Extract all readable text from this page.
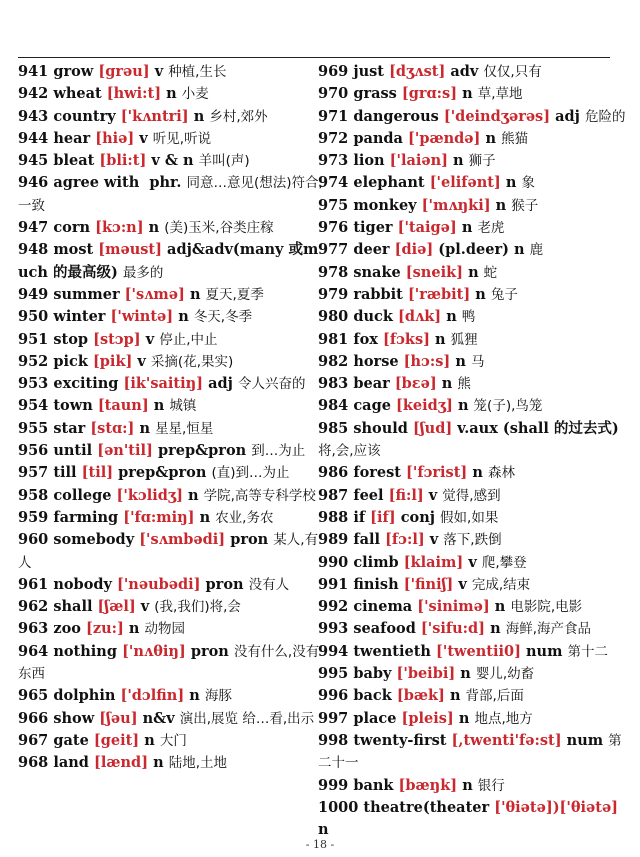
941 grow [grəu] v 种植,生长
942 wheat [hwi:t] n 小麦
943 country ['kʌntri] n 乡村,郊外
944 hear [hiə] v 听见,听说
945 bleat [bli:t] v & n 羊叫(声)
946 agree with phr. 同意…意见(想法)符合,一致
947 corn [kɔ:n] n (美)玉米,谷类庄稼
948 most [məust] adj&adv(many 或much 的最高级) 最多的
949 summer ['sʌmə] n 夏天,夏季
950 winter ['wintə] n 冬天,冬季
951 stop [stɔp] v 停止,中止
952 pick [pik] v 采摘(花,果实)
953 exciting [ik'saitiŋ] adj 令人兴奋的
954 town [taun] n 城镇
955 star [stɑ:] n 星星,恒星
956 until [ən'til] prep&pron 到…为止
957 till [til] prep&pron (直)到…为止
958 college ['kɔlidʒ] n 学院,高等专科学校
959 farming ['fɑ:miŋ] n 农业,务农
960 somebody ['sʌmbədi] pron 某人,有人
961 nobody ['nəubədi] pron 没有人
962 shall [ʃæl] v (我,我们)将,会
963 zoo [zu:] n 动物园
964 nothing ['nʌθiŋ] pron 没有什么,没有东西
965 dolphin ['dɔlfin] n 海豚
966 show [ʃəu] n&v 演出,展览 给…看,出示
967 gate [geit] n 大门
968 land [lænd] n 陆地,土地
969 just [dʒʌst] adv 仅仅,只有
970 grass [grɑ:s] n 草,草地
971 dangerous ['deindʒərəs] adj 危险的
972 panda ['pændə] n 熊猫
973 lion ['laiən] n 狮子
974 elephant ['elifənt] n 象
975 monkey ['mʌŋki] n 猴子
976 tiger ['taigə] n 老虎
977 deer [diə] (pl.deer) n 鹿
978 snake [sneik] n 蛇
979 rabbit ['ræbit] n 兔子
980 duck [dʌk] n 鸭
981 fox [fɔks] n 狐狸
982 horse [hɔ:s] n 马
983 bear [bɛə] n 熊
984 cage [keidʒ] n 笼(子),鸟笼
985 should [ʃud] v.aux (shall 的过去式) 将,会,应该
986 forest ['fɔrist] n 森林
987 feel [fi:l] v 觉得,感到
988 if [if] conj 假如,如果
989 fall [fɔ:l] v 落下,跌倒
990 climb [klaim] v 爬,攀登
991 finish ['finiʃ] v 完成,结束
992 cinema ['sinimə] n 电影院,电影
993 seafood ['sifu:d] n 海鲜,海产食品
994 twentieth ['twentii0] num 第十二
995 baby ['beibi] n 婴儿,幼畜
996 back [bæk] n 背部,后面
997 place [pleis] n 地点,地方
998 twenty-first [,twenti'fə:st] num 第二十一
999 bank [bæŋk] n 银行
1000 theatre(theater ['θiətə])['θiətə] n
- 18 -
